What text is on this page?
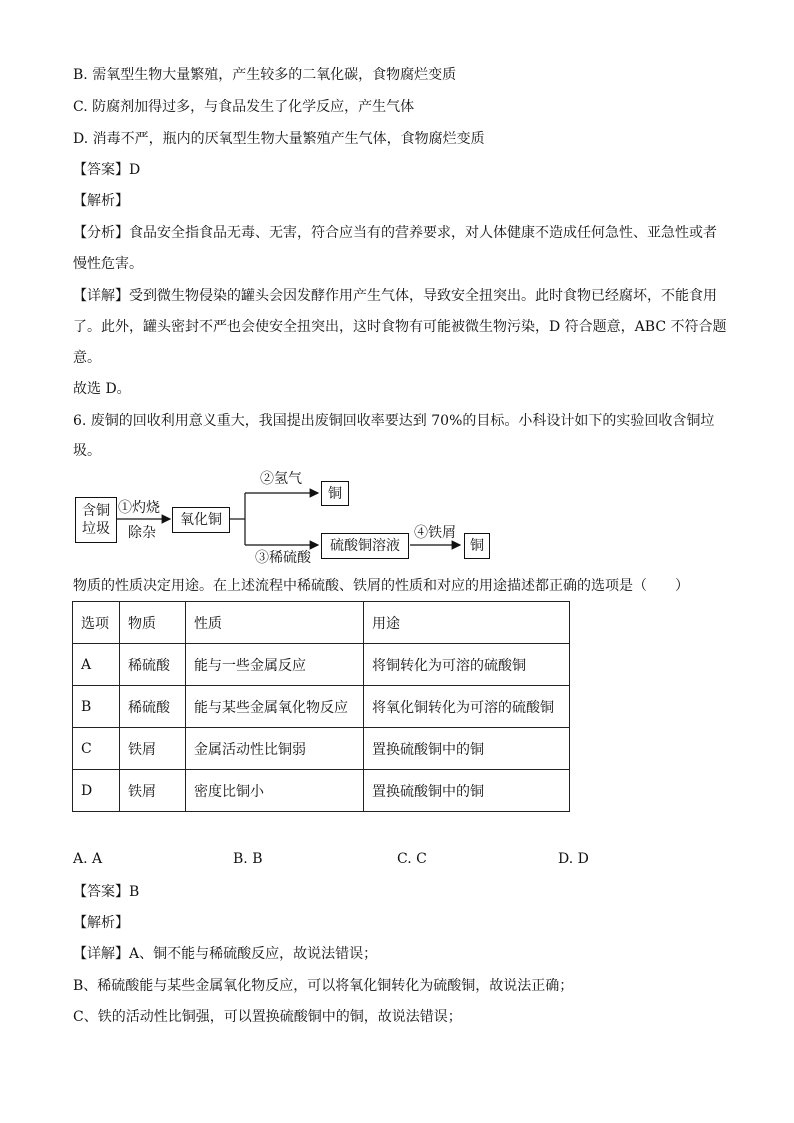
B. 需氧型生物大量繁殖，产生较多的二氧化碳，食物腐烂变质
C. 防腐剂加得过多，与食品发生了化学反应，产生气体
D. 消毒不严，瓶内的厌氧型生物大量繁殖产生气体，食物腐烂变质
【答案】D
【解析】
【分析】食品安全指食品无毒、无害，符合应当有的营养要求，对人体健康不造成任何急性、亚急性或者
慢性危害。
【详解】受到微生物侵染的罐头会因发酵作用产生气体，导致安全扭突出。此时食物已经腐坏，不能食用
了。此外，罐头密封不严也会使安全扭突出，这时食物有可能被微生物污染，D 符合题意，ABC 不符合题
意。
故选 D。
6. 废铜的回收利用意义重大，我国提出废铜回收率要达到 70%的目标。小科设计如下的实验回收含铜垃
圾。
含铜
垃圾
①灼烧
除杂
氧化铜
②氢气
铜
③稀硫酸
硫酸铜溶液
④铁屑
铜
物质的性质决定用途。在上述流程中稀硫酸、铁屑的性质和对应的用途描述都正确的选项是（　　）
选项	物质	性质	用途
A	稀硫酸	能与一些金属反应	将铜转化为可溶的硫酸铜
B	稀硫酸	能与某些金属氧化物反应	将氧化铜转化为可溶的硫酸铜
C	铁屑	金属活动性比铜弱	置换硫酸铜中的铜
D	铁屑	密度比铜小	置换硫酸铜中的铜
A. A	B. B	C. C	D. D
【答案】B
【解析】
【详解】A、铜不能与稀硫酸反应，故说法错误；
B、稀硫酸能与某些金属氧化物反应，可以将氧化铜转化为硫酸铜，故说法正确；
C、铁的活动性比铜强，可以置换硫酸铜中的铜，故说法错误；
